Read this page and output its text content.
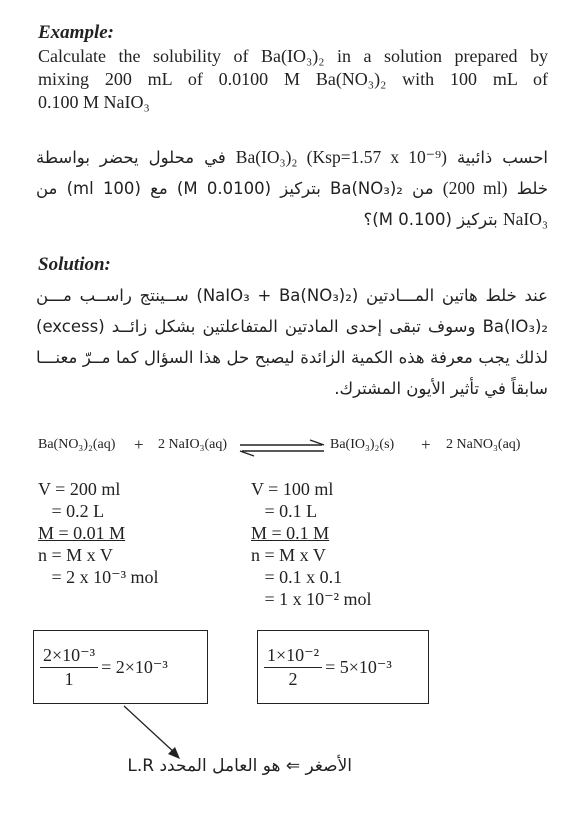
Example:
Calculate the solubility of Ba(IO₃)₂ in a solution prepared by
mixing 200 mL of 0.0100 M Ba(NO₃)₂ with 100 mL of
0.100 M NaIO₃
احسب ذائبية Ba(IO₃)₂ (Ksp=1.57 x 10⁻⁹) في محلول يحضر بواسطة
خلط (200 ml) من Ba(NO₃)₂ بتركيز (0.0100 M) مع (100 ml) من
NaIO₃ بتركيز (0.100 M)؟
Solution:
عند خلط هاتين المـــادتين (NaIO₃ + Ba(NO₃)₂) ســينتج راســب مـــن
Ba(IO₃)₂ وسوف تبقى إحدى المادتين المتفاعلتين بشكل زائــد (excess)
لذلك يجب معرفة هذه الكمية الزائدة ليصبح حل هذا السؤال كما مــرّ معنـــا
سابقاً في تأثير الأيون المشترك.
Ba(NO₃)₂(aq) + 2 NaIO₃(aq)	Ba(IO₃)₂(s) + 2 NaNO₃(aq)
V = 200 ml
= 0.2 L
M = 0.01 M
n = M x V
= 2 x 10⁻³ mol
V = 100 ml
= 0.1 L
M = 0.1 M
n = M x V
= 0.1 x 0.1
= 1 x 10⁻² mol
$\frac{\text{2×10⁻³}}{1} = 2\times 10^{-3}$	$\frac{\text{1×10⁻²}}{2} = 5\times 10^{-3}$
الأصغر ⇐ هو العامل المحدد L.R
